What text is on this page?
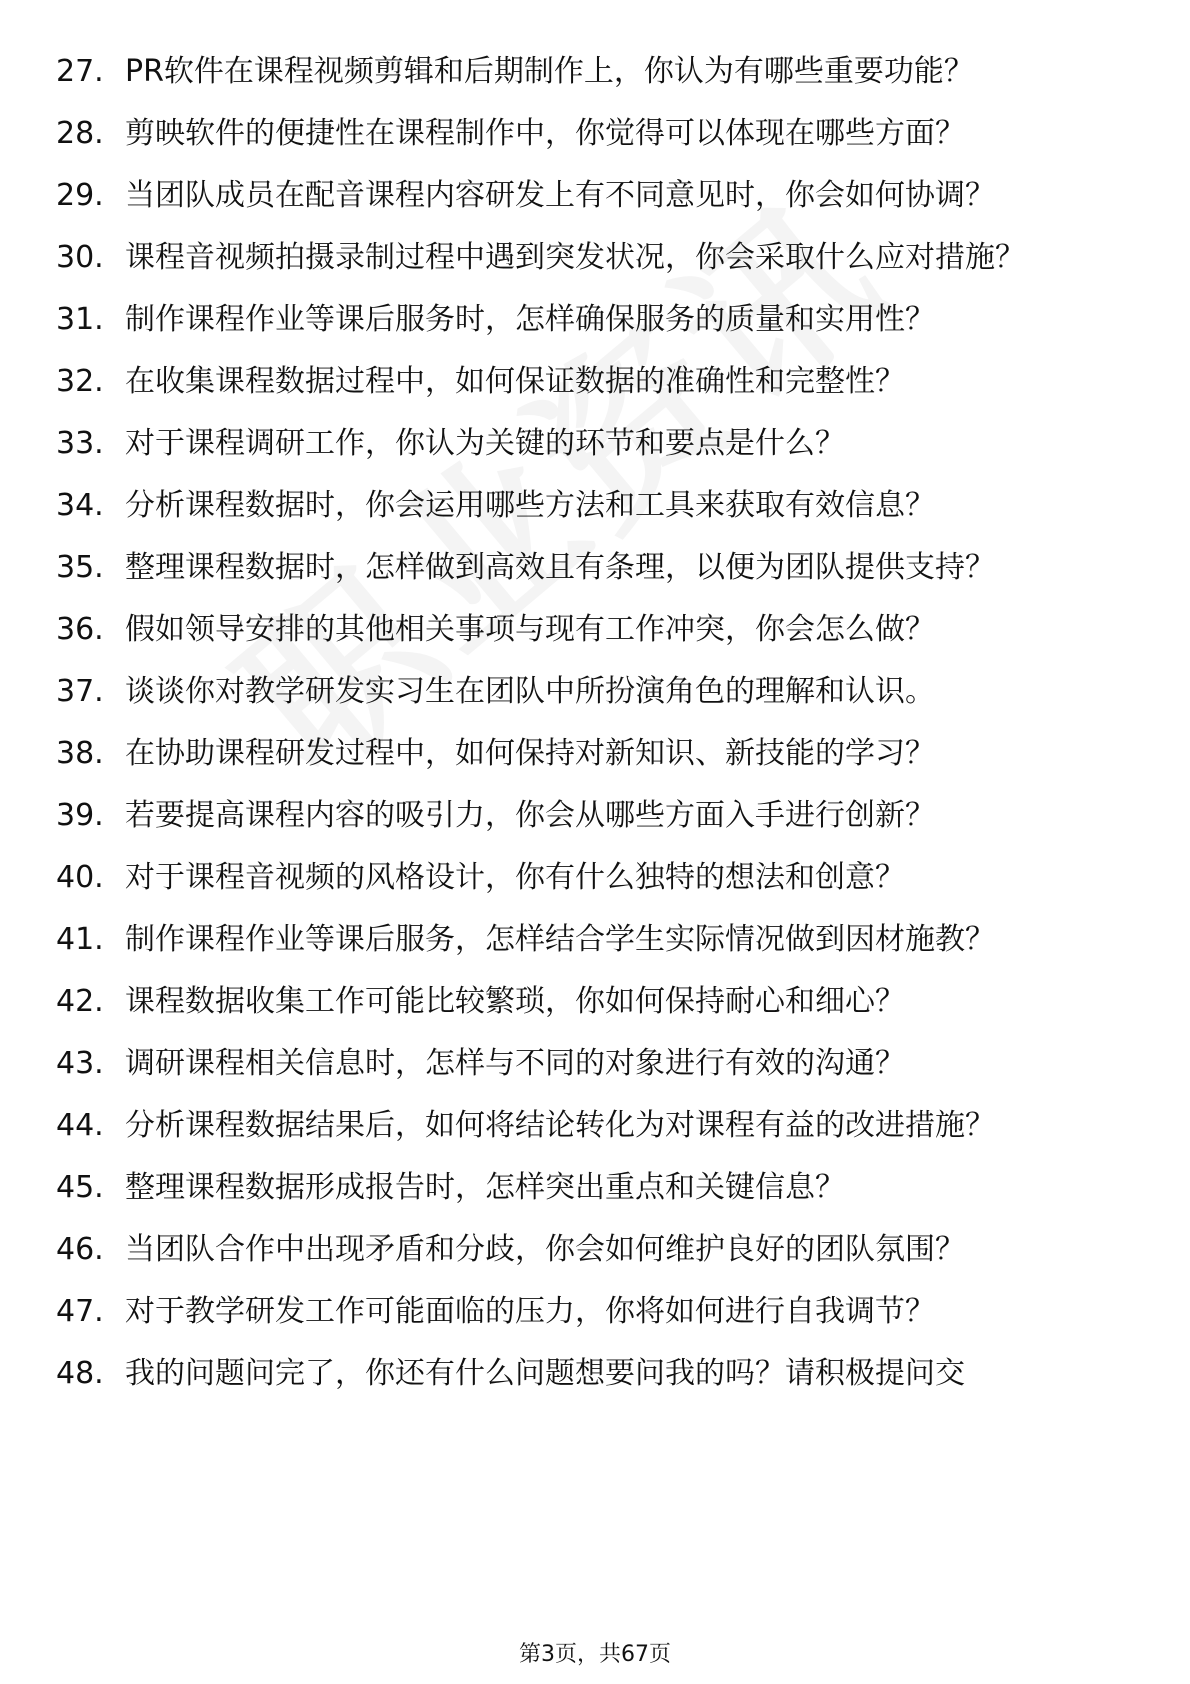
27. PR软件在课程视频剪辑和后期制作上，你认为有哪些重要功能？
28. 剪映软件的便捷性在课程制作中，你觉得可以体现在哪些方面？
29. 当团队成员在配音课程内容研发上有不同意见时，你会如何协调？
30. 课程音视频拍摄录制过程中遇到突发状况，你会采取什么应对措施？
31. 制作课程作业等课后服务时，怎样确保服务的质量和实用性？
32. 在收集课程数据过程中，如何保证数据的准确性和完整性？
33. 对于课程调研工作，你认为关键的环节和要点是什么？
34. 分析课程数据时，你会运用哪些方法和工具来获取有效信息？
35. 整理课程数据时，怎样做到高效且有条理，以便为团队提供支持？
36. 假如领导安排的其他相关事项与现有工作冲突，你会怎么做？
37. 谈谈你对教学研发实习生在团队中所扮演角色的理解和认识。
38. 在协助课程研发过程中，如何保持对新知识、新技能的学习？
39. 若要提高课程内容的吸引力，你会从哪些方面入手进行创新？
40. 对于课程音视频的风格设计，你有什么独特的想法和创意？
41. 制作课程作业等课后服务，怎样结合学生实际情况做到因材施教？
42. 课程数据收集工作可能比较繁琐，你如何保持耐心和细心？
43. 调研课程相关信息时，怎样与不同的对象进行有效的沟通？
44. 分析课程数据结果后，如何将结论转化为对课程有益的改进措施？
45. 整理课程数据形成报告时，怎样突出重点和关键信息？
46. 当团队合作中出现矛盾和分歧，你会如何维护良好的团队氛围？
47. 对于教学研发工作可能面临的压力，你将如何进行自我调节？
48. 我的问题问完了，你还有什么问题想要问我的吗？请积极提问交
第3页，共67页
